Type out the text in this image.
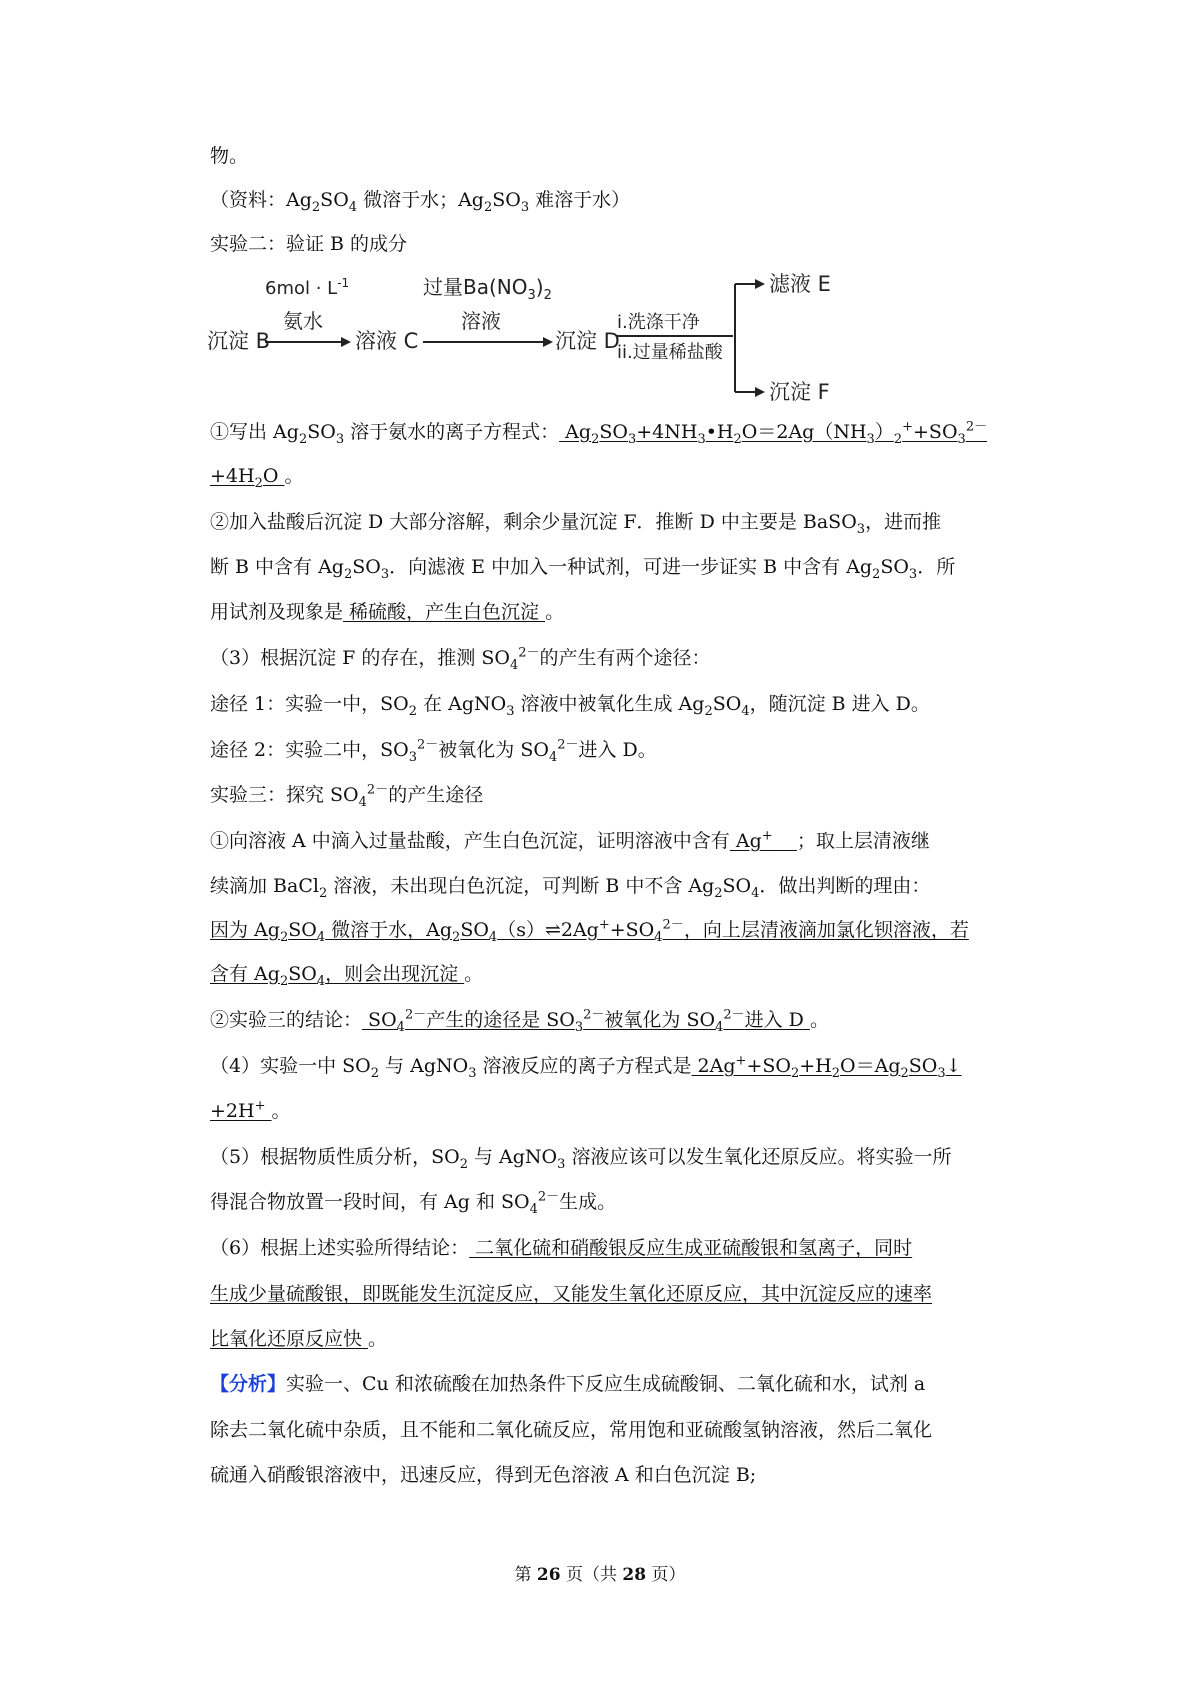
物。
（资料：$Ag_2SO_4$ 微溶于水；$Ag_2SO_3$ 难溶于水）
实验二：验证 B 的成分
沉淀 B
$6mol \cdot L^{-1}$
氨水
溶液 C
过量$Ba(NO_3)_2$
溶液
沉淀 D
i.洗涤干净
ii.过量稀盐酸
滤液 E
沉淀 F
①写出 $Ag_2SO_3$ 溶于氨水的离子方程式： $Ag_2SO_3+4NH_3•H_2O=2Ag(NH_3)_2^++SO_3^{2-}$
$+4H_2O$ 。
②加入盐酸后沉淀 D 大部分溶解，剩余少量沉淀 F．推断 D 中主要是 BaSO$_3$，进而推
断 B 中含有 $Ag_2SO_3$．向滤液 E 中加入一种试剂，可进一步证实 B 中含有 $Ag_2SO_3$．所
用试剂及现象是 稀硫酸，产生白色沉淀 。
（3）根据沉淀 F 的存在，推测 $SO_4^{2-}$的产生有两个途径：
途径 1：实验一中，$SO_2$ 在 AgNO$_3$ 溶液中被氧化生成 $Ag_2SO_4$，随沉淀 B 进入 D。
途径 2：实验二中，$SO_3^{2-}$被氧化为 $SO_4^{2-}$进入 D。
实验三：探究 $SO_4^{2-}$的产生途径
①向溶液 A 中滴入过量盐酸，产生白色沉淀，证明溶液中含有 Ag+ ；取上层清液继
续滴加 BaCl$_2$ 溶液，未出现白色沉淀，可判断 B 中不含 $Ag_2SO_4$．做出判断的理由：
因为 $Ag_2SO_4$ 微溶于水，$Ag_2SO_4(s)\rightleftharpoons 2Ag^++SO_4^{2-}$，向上层清液滴加氯化钡溶液，若
含有 $Ag_2SO_4$，则会出现沉淀 。
②实验三的结论： $SO_4^{2-}$产生的途径是 $SO_3^{2-}$被氧化为 $SO_4^{2-}$进入 D 。
（4）实验一中 $SO_2$ 与 AgNO$_3$ 溶液反应的离子方程式是 $2Ag^++SO_2+H_2O=Ag_2SO_3↓$
+2H+ 。
（5）根据物质性质分析，$SO_2$ 与 AgNO$_3$ 溶液应该可以发生氧化还原反应。将实验一所
得混合物放置一段时间，有 Ag 和 $SO_4^{2-}$生成。
（6）根据上述实验所得结论： 二氧化硫和硝酸银反应生成亚硫酸银和氢离子，同时
生成少量硫酸银，即既能发生沉淀反应，又能发生氧化还原反应，其中沉淀反应的速率
比氧化还原反应快 。
【分析】实验一、Cu 和浓硫酸在加热条件下反应生成硫酸铜、二氧化硫和水，试剂 a
除去二氧化硫中杂质，且不能和二氧化硫反应，常用饱和亚硫酸氢钠溶液，然后二氧化
硫通入硝酸银溶液中，迅速反应，得到无色溶液 A 和白色沉淀 B;
第 26 页（共 28 页）
